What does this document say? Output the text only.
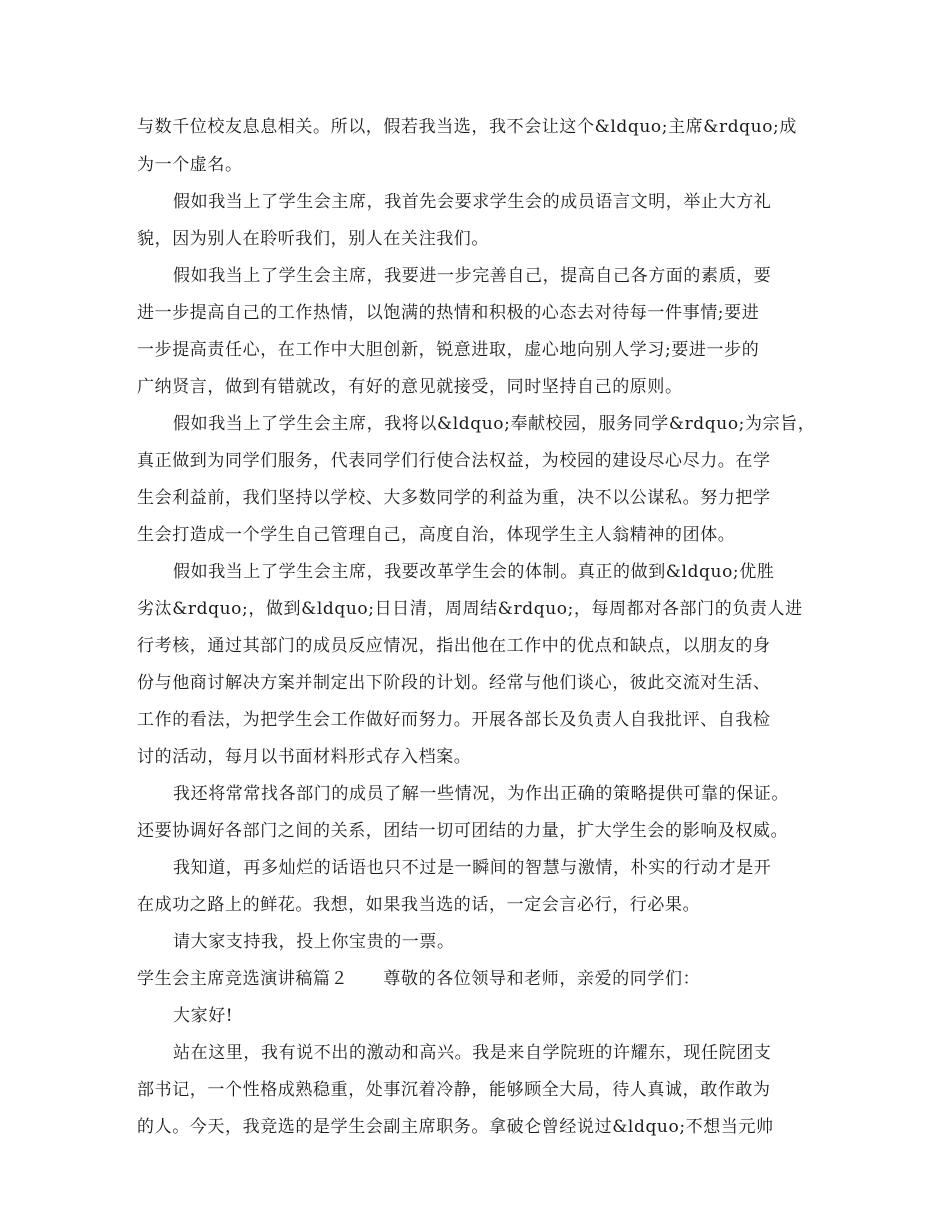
与数千位校友息息相关。所以，假若我当选，我不会让这个&ldquo;主席&rdquo;成
为一个虚名。
假如我当上了学生会主席，我首先会要求学生会的成员语言文明，举止大方礼
貌，因为别人在聆听我们，别人在关注我们。
假如我当上了学生会主席，我要进一步完善自己，提高自己各方面的素质，要
进一步提高自己的工作热情，以饱满的热情和积极的心态去对待每一件事情;要进
一步提高责任心，在工作中大胆创新，锐意进取，虚心地向别人学习;要进一步的
广纳贤言，做到有错就改，有好的意见就接受，同时坚持自己的原则。
假如我当上了学生会主席，我将以&ldquo;奉献校园，服务同学&rdquo;为宗旨，
真正做到为同学们服务，代表同学们行使合法权益，为校园的建设尽心尽力。在学
生会利益前，我们坚持以学校、大多数同学的利益为重，决不以公谋私。努力把学
生会打造成一个学生自己管理自己，高度自治，体现学生主人翁精神的团体。
假如我当上了学生会主席，我要改革学生会的体制。真正的做到&ldquo;优胜
劣汰&rdquo;，做到&ldquo;日日清，周周结&rdquo;，每周都对各部门的负责人进
行考核，通过其部门的成员反应情况，指出他在工作中的优点和缺点，以朋友的身
份与他商讨解决方案并制定出下阶段的计划。经常与他们谈心，彼此交流对生活、
工作的看法，为把学生会工作做好而努力。开展各部长及负责人自我批评、自我检
讨的活动，每月以书面材料形式存入档案。
我还将常常找各部门的成员了解一些情况，为作出正确的策略提供可靠的保证。
还要协调好各部门之间的关系，团结一切可团结的力量，扩大学生会的影响及权威。
我知道，再多灿烂的话语也只不过是一瞬间的智慧与激情，朴实的行动才是开
在成功之路上的鲜花。我想，如果我当选的话，一定会言必行，行必果。
请大家支持我，投上你宝贵的一票。
学生会主席竞选演讲稿篇２　　尊敬的各位领导和老师，亲爱的同学们：
大家好!
站在这里，我有说不出的激动和高兴。我是来自学院班的许耀东，现任院团支
部书记，一个性格成熟稳重，处事沉着冷静，能够顾全大局，待人真诚，敢作敢为
的人。今天，我竞选的是学生会副主席职务。拿破仑曾经说过&ldquo;不想当元帅
